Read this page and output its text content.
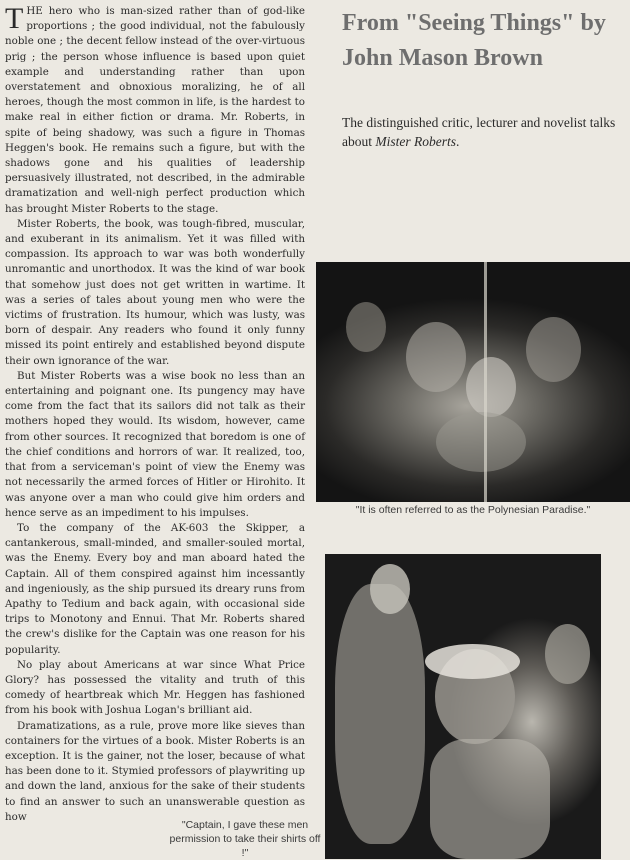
THE hero who is man-sized rather than of god-like proportions ; the good individual, not the fabulously noble one ; the decent fellow instead of the over-virtuous prig ; the person whose influence is based upon quiet example and understanding rather than upon overstatement and obnoxious moralizing, he of all heroes, though the most common in life, is the hardest to make real in either fiction or drama. Mr. Roberts, in spite of being shadowy, was such a figure in Thomas Heggen's book. He remains such a figure, but with the shadows gone and his qualities of leadership persuasively illustrated, not described, in the admirable dramatization and well-nigh perfect production which has brought Mister Roberts to the stage.

Mister Roberts, the book, was tough-fibred, muscular, and exuberant in its animalism. Yet it was filled with compassion. Its approach to war was both wonderfully unromantic and unorthodox. It was the kind of war book that somehow just does not get written in wartime. It was a series of tales about young men who were the victims of frustration. Its humour, which was lusty, was born of despair. Any readers who found it only funny missed its point entirely and established beyond dispute their own ignorance of the war.

But Mister Roberts was a wise book no less than an entertaining and poignant one. Its pungency may have come from the fact that its sailors did not talk as their mothers hoped they would. Its wisdom, however, came from other sources. It recognized that boredom is one of the chief conditions and horrors of war. It realized, too, that from a serviceman's point of view the Enemy was not necessarily the armed forces of Hitler or Hirohito. It was anyone over a man who could give him orders and hence serve as an impediment to his impulses.

To the company of the AK-603 the Skipper, a cantankerous, small-minded, and smaller-souled mortal, was the Enemy. Every boy and man aboard hated the Captain. All of them conspired against him incessantly and ingeniously, as the ship pursued its dreary runs from Apathy to Tedium and back again, with occasional side trips to Monotony and Ennui. That Mr. Roberts shared the crew's dislike for the Captain was one reason for his popularity.

No play about Americans at war since What Price Glory? has possessed the vitality and truth of this comedy of heartbreak which Mr. Heggen has fashioned from his book with Joshua Logan's brilliant aid.

Dramatizations, as a rule, prove more like sieves than containers for the virtues of a book. Mister Roberts is an exception. It is the gainer, not the loser, because of what has been done to it. Stymied professors of playwriting up and down the land, anxious for the sake of their students to find an answer to such an unanswerable question as how

From "Seeing Things" by John Mason Brown
The distinguished critic, lecturer and novelist talks about Mister Roberts.
"It is often referred to as the Polynesian Paradise."
"Captain, I gave these men permission to take their shirts off !"
